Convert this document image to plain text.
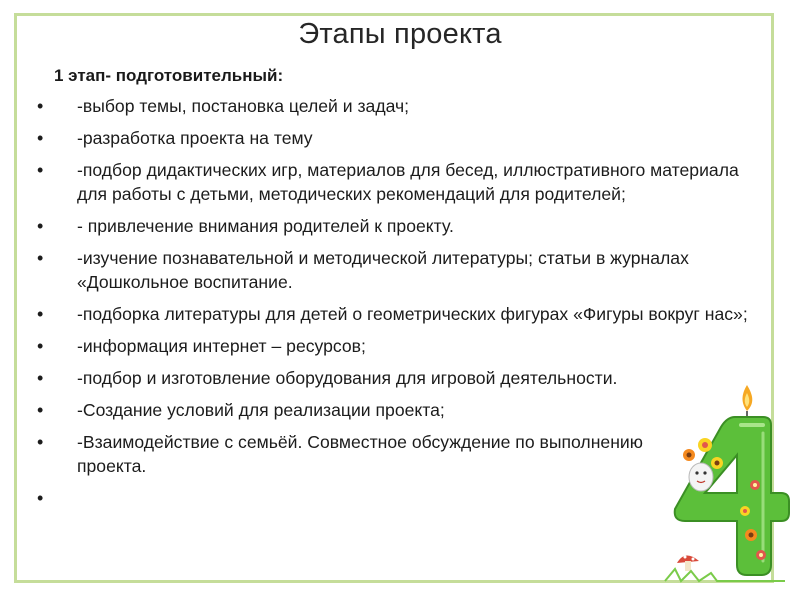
Этапы проекта
1 этап- подготовительный:
• -выбор темы, постановка целей и задач;
• -разработка проекта на тему
• -подбор дидактических игр, материалов для бесед, иллюстративного материала для работы с детьми, методических рекомендаций для родителей;
• - привлечение внимания родителей к проекту.
• -изучение познавательной и методической литературы; статьи в журналах «Дошкольное воспитание.
• -подборка литературы для детей о геометрических фигурах «Фигуры вокруг нас»;
• -информация интернет – ресурсов;
• -подбор и изготовление оборудования для игровой деятельности.
• -Создание условий для реализации проекта;
• -Взаимодействие с семьёй. Совместное обсуждение по выполнению проекта.
•
